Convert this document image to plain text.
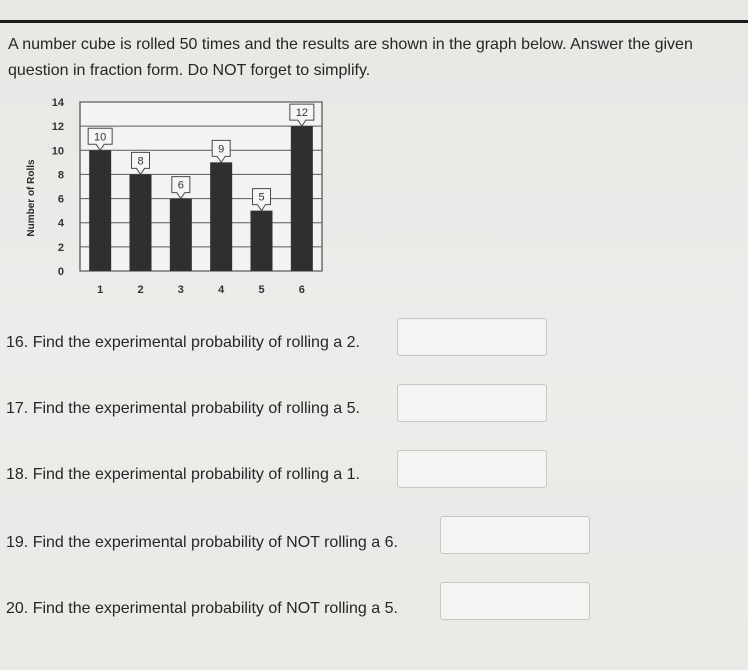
A number cube is rolled 50 times and the results are shown in the graph below. Answer the given question in fraction form. Do NOT forget to simplify.

Number of Rolls
0
2
4
6
8
10
12
14
10
1
8
2
6
3
9
4
5
5
12
6
16. Find the experimental probability of rolling a 2.
17. Find the experimental probability of rolling a 5.
18. Find the experimental probability of rolling a 1.
19. Find the experimental probability of NOT rolling a 6.
20. Find the experimental probability of NOT rolling a 5.
